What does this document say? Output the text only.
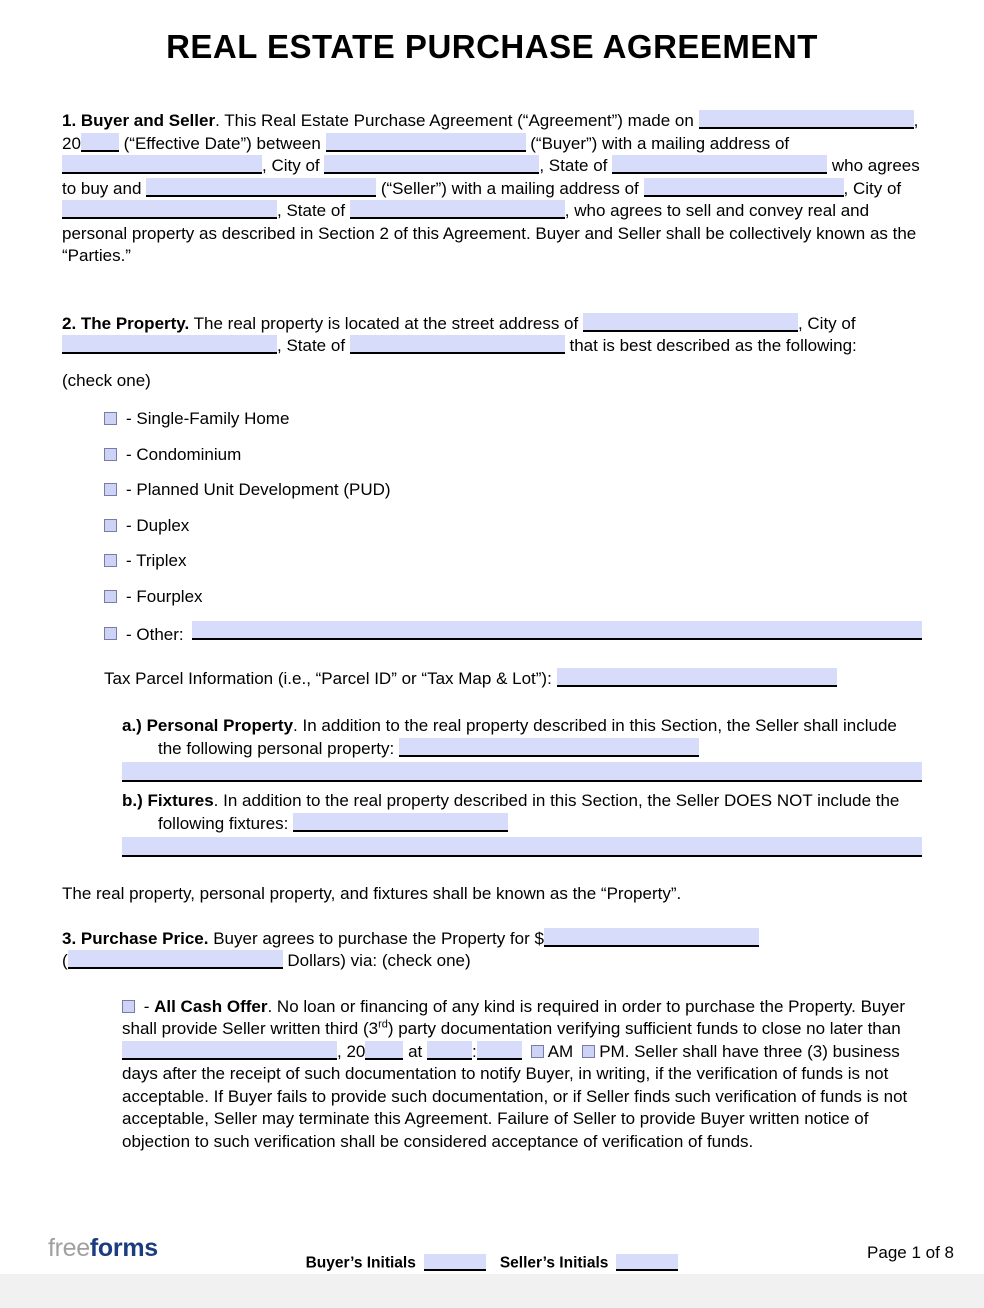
REAL ESTATE PURCHASE AGREEMENT

1. Buyer and Seller. This Real Estate Purchase Agreement (“Agreement”) made on	, 20 (“Effective Date”) between	(“Buyer”) with a mailing address of , City of	, State of	who agrees to buy and	(“Seller”) with a mailing address of	, City of , State of	, who agrees to sell and convey real and personal property as described in Section 2 of this Agreement. Buyer and Seller shall be collectively known as the “Parties.”

2. The Property. The real property is located at the street address of	, City of , State of	that is best described as the following:

(check one)

- Single-Family Home
- Condominium
- Planned Unit Development (PUD)
- Duplex
- Triplex
- Fourplex
- Other:
Tax Parcel Information (i.e., “Parcel ID” or “Tax Map & Lot”):
a.) Personal Property. In addition to the real property described in this Section, the Seller shall include the following personal property:
b.) Fixtures. In addition to the real property described in this Section, the Seller DOES NOT include the following fixtures:

The real property, personal property, and fixtures shall be known as the “Property”.

3. Purchase Price. Buyer agrees to purchase the Property for $
(	Dollars) via: (check one)

- All Cash Offer. No loan or financing of any kind is required in order to purchase the Property. Buyer shall provide Seller written third (3rd) party documentation verifying sufficient funds to close no later than , 20 at	:	AM PM. Seller shall have three (3) business days after the receipt of such documentation to notify Buyer, in writing, if the verification of funds is not acceptable. If Buyer fails to provide such documentation, or if Seller finds such verification of funds is not acceptable, Seller may terminate this Agreement. Failure of Seller to provide Buyer written notice of objection to such verification shall be considered acceptance of verification of funds.
freeforms
Buyer’s Initials	Seller’s Initials
Page 1 of 8
